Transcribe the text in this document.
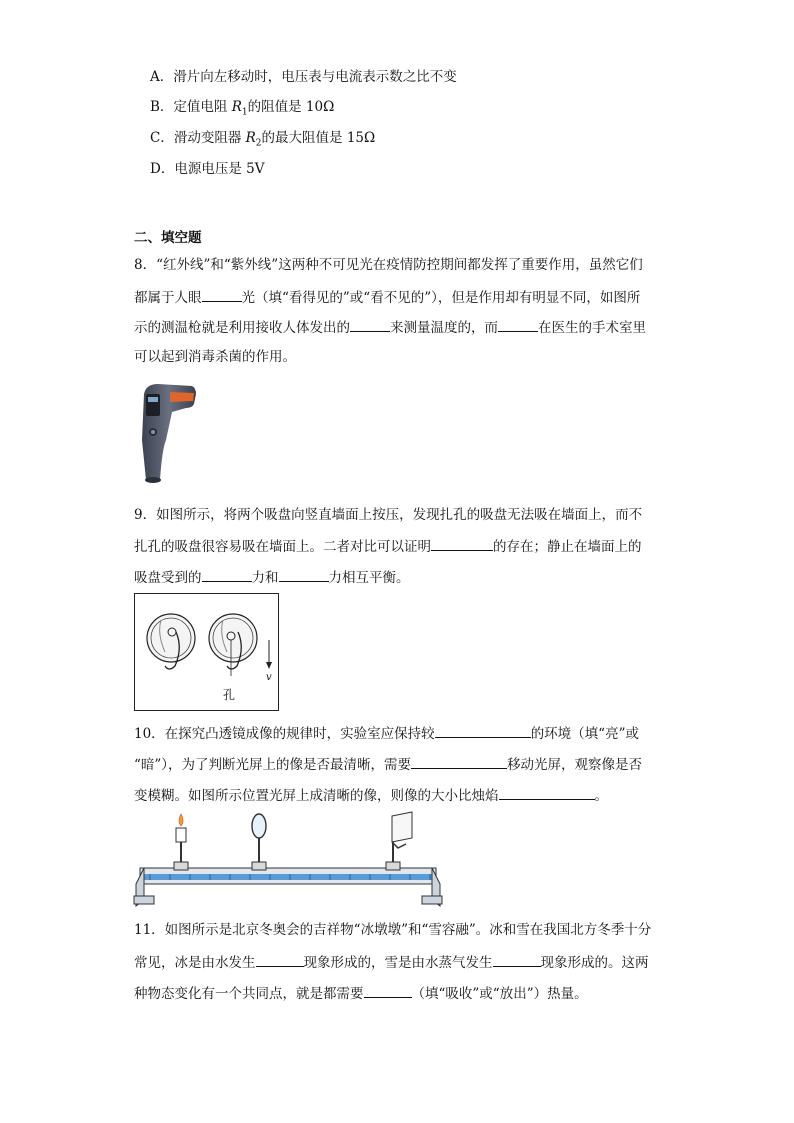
A．滑片向左移动时，电压表与电流表示数之比不变
B．定值电阻 $R_1$的阻值是 10Ω
C．滑动变阻器 $R_2$的最大阻值是 15Ω
D．电源电压是 5V
二、填空题
8．“红外线”和“紫外线”这两种不可见光在疫情防控期间都发挥了重要作用，虽然它们
都属于人眼	光（填“看得见的”或“看不见的”），但是作用却有明显不同，如图所
示的测温枪就是利用接收人体发出的	来测量温度的，而	在医生的手术室里
可以起到消毒杀菌的作用。
9．如图所示，将两个吸盘向竖直墙面上按压，发现扎孔的吸盘无法吸在墙面上，而不
扎孔的吸盘很容易吸在墙面上。二者对比可以证明	的存在；静止在墙面上的
吸盘受到的	力和	力相互平衡。
孔
v
10．在探究凸透镜成像的规律时，实验室应保持较	的环境（填“亮”或
“暗”），为了判断光屏上的像是否最清晰，需要	移动光屏，观察像是否
变模糊。如图所示位置光屏上成清晰的像，则像的大小比烛焰	。
11．如图所示是北京冬奥会的吉祥物“冰墩墩”和“雪容融”。冰和雪在我国北方冬季十分
常见，冰是由水发生	现象形成的，雪是由水蒸气发生	现象形成的。这两
种物态变化有一个共同点，就是都需要	（填“吸收”或“放出”）热量。
